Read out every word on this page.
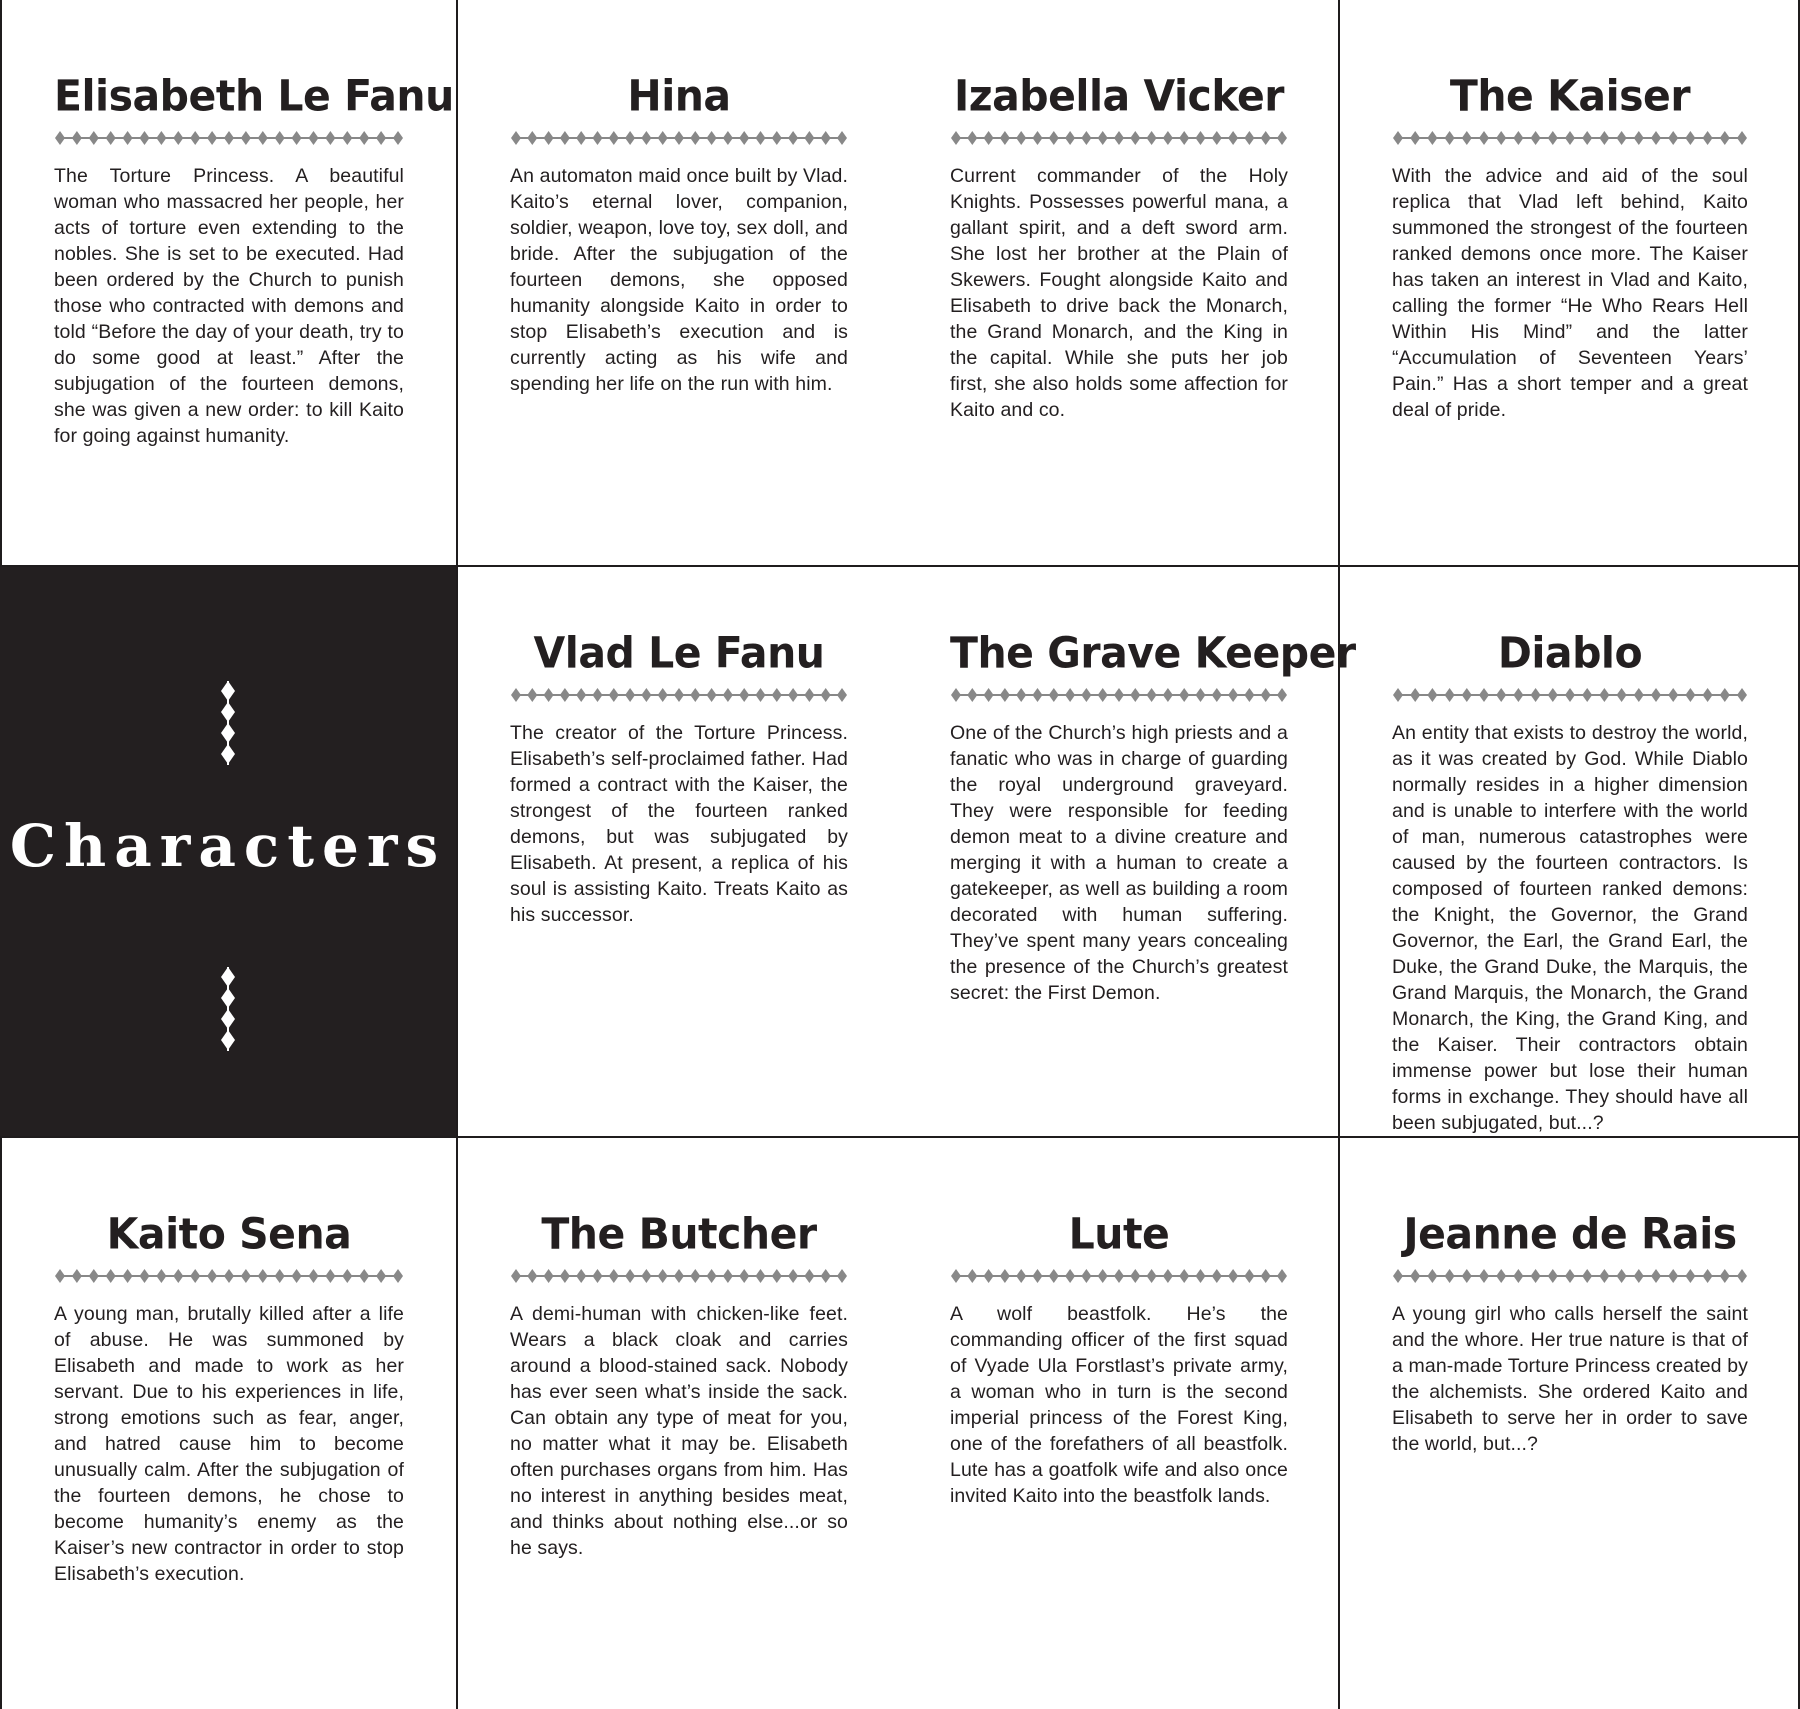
Elisabeth Le Fanu

The Torture Princess. A beautiful woman who massacred her people, her acts of torture even extending to the nobles. She is set to be executed. Had been ordered by the Church to punish those who contracted with demons and told “Before the day of your death, try to do some good at least.” After the subjugation of the fourteen demons, she was given a new order: to kill Kaito for going against humanity.

Hina

An automaton maid once built by Vlad. Kaito’s eternal lover, companion, soldier, weapon, love toy, sex doll, and bride. After the subjugation of the fourteen demons, she opposed humanity alongside Kaito in order to stop Elisabeth’s execution and is currently acting as his wife and spending her life on the run with him.

Izabella Vicker

Current commander of the Holy Knights. Possesses powerful mana, a gallant spirit, and a deft sword arm. She lost her brother at the Plain of Skewers. Fought alongside Kaito and Elisabeth to drive back the Monarch, the Grand Monarch, and the King in the capital. While she puts her job first, she also holds some affection for Kaito and co.

The Kaiser

With the advice and aid of the soul replica that Vlad left behind, Kaito summoned the strongest of the fourteen ranked demons once more. The Kaiser has taken an interest in Vlad and Kaito, calling the former “He Who Rears Hell Within His Mind” and the latter “Accumulation of Seventeen Years’ Pain.” Has a short temper and a great deal of pride.

Characters
Vlad Le Fanu

The creator of the Torture Princess. Elisabeth’s self-proclaimed father. Had formed a contract with the Kaiser, the strongest of the fourteen ranked demons, but was subjugated by Elisabeth. At present, a replica of his soul is assisting Kaito. Treats Kaito as his successor.

The Grave Keeper

One of the Church’s high priests and a fanatic who was in charge of guarding the royal underground graveyard. They were responsible for feeding demon meat to a divine creature and merging it with a human to create a gatekeeper, as well as building a room decorated with human suffering. They’ve spent many years concealing the presence of the Church’s greatest secret: the First Demon.

Diablo

An entity that exists to destroy the world, as it was created by God. While Diablo normally resides in a higher dimension and is unable to interfere with the world of man, numerous catastrophes were caused by the fourteen contractors. Is composed of fourteen ranked demons: the Knight, the Governor, the Grand Governor, the Earl, the Grand Earl, the Duke, the Grand Duke, the Marquis, the Grand Marquis, the Monarch, the Grand Monarch, the King, the Grand King, and the Kaiser. Their contractors obtain immense power but lose their human forms in exchange. They should have all been subjugated, but...?

Kaito Sena

A young man, brutally killed after a life of abuse. He was summoned by Elisabeth and made to work as her servant. Due to his experiences in life, strong emotions such as fear, anger, and hatred cause him to become unusually calm. After the subjugation of the fourteen demons, he chose to become humanity’s enemy as the Kaiser’s new contractor in order to stop Elisabeth’s execution.

The Butcher

A demi-human with chicken-like feet. Wears a black cloak and carries around a blood-stained sack. Nobody has ever seen what’s inside the sack. Can obtain any type of meat for you, no matter what it may be. Elisabeth often purchases organs from him. Has no interest in anything besides meat, and thinks about nothing else...or so he says.

Lute

A wolf beastfolk. He’s the commanding officer of the first squad of Vyade Ula Forstlast’s private army, a woman who in turn is the second imperial princess of the Forest King, one of the forefathers of all beastfolk. Lute has a goatfolk wife and also once invited Kaito into the beastfolk lands.

Jeanne de Rais

A young girl who calls herself the saint and the whore. Her true nature is that of a man-made Torture Princess created by the alchemists. She ordered Kaito and Elisabeth to serve her in order to save the world, but...?
